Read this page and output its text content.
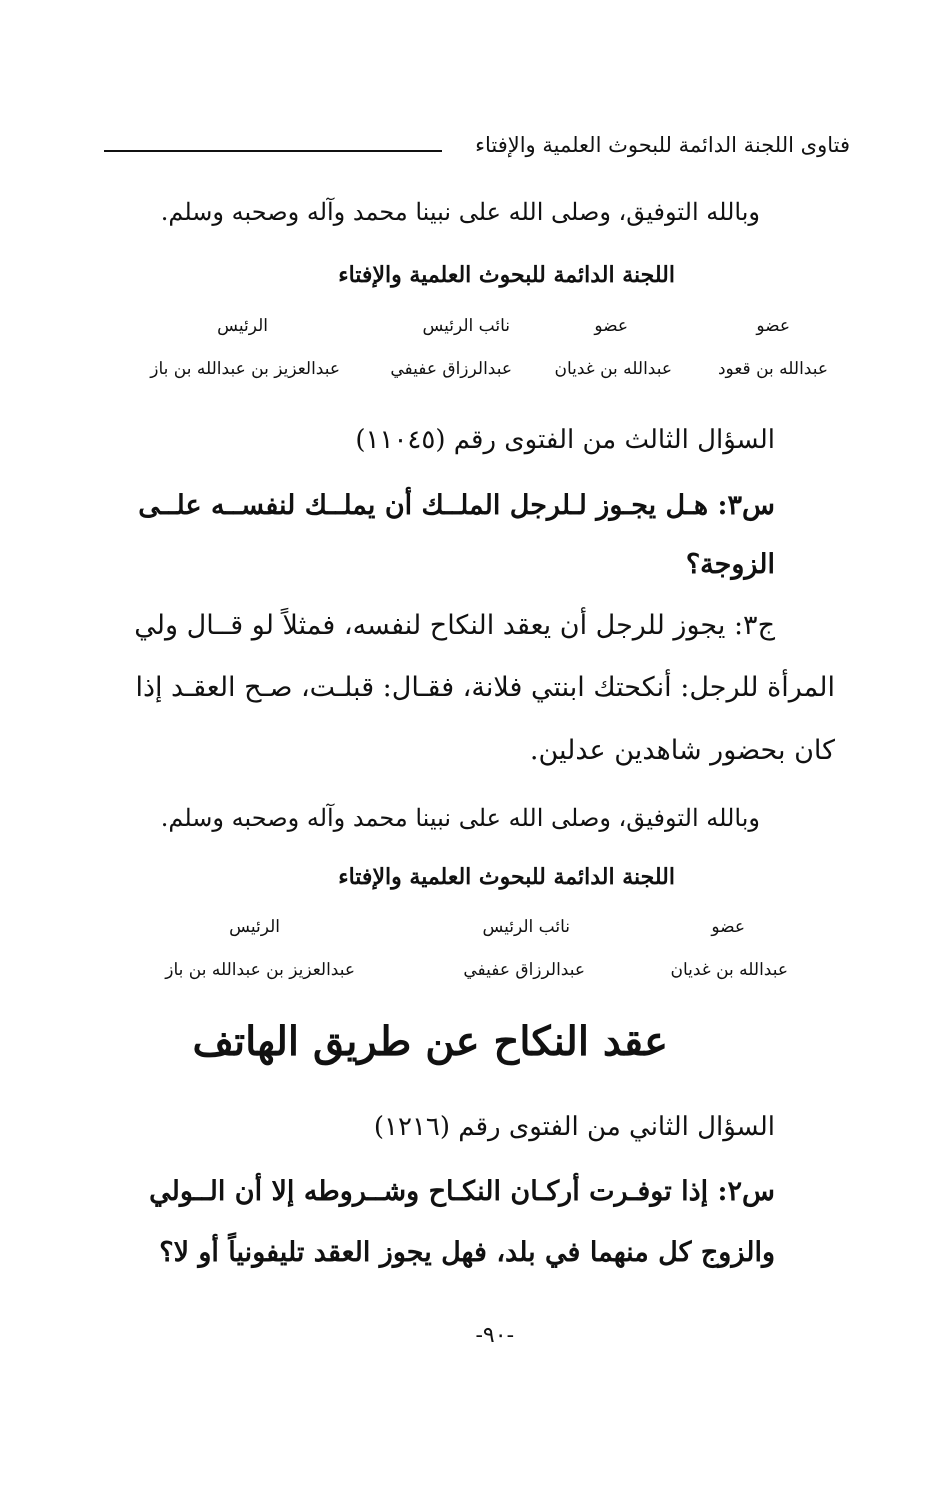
فتاوى اللجنة الدائمة للبحوث العلمية والإفتاء
وبالله التوفيق، وصلى الله على نبينا محمد وآله وصحبه وسلم.
اللجنة الدائمة للبحوث العلمية والإفتاء
عضو
عضو
نائب الرئيس
الرئيس
عبدالله بن قعود
عبدالله بن غديان
عبدالرزاق عفيفي
عبدالعزيز بن عبدالله بن باز
السؤال الثالث من الفتوى رقم (١١٠٤٥)
س٣: هـل يجـوز لـلرجل الملــك أن يملــك لنفســه علــى
الزوجة؟
ج٣: يجوز للرجل أن يعقد النكاح لنفسه، فمثلاً لو قــال ولي
المرأة للرجل: أنكحتك ابنتي فلانة، فقـال: قبلـت، صـح العقـد إذا
كان بحضور شاهدين عدلين.
وبالله التوفيق، وصلى الله على نبينا محمد وآله وصحبه وسلم.
اللجنة الدائمة للبحوث العلمية والإفتاء
عضو
نائب الرئيس
الرئيس
عبدالله بن غديان
عبدالرزاق عفيفي
عبدالعزيز بن عبدالله بن باز
عقد النكاح عن طريق الهاتف
السؤال الثاني من الفتوى رقم (١٢١٦)
س٢: إذا توفـرت أركـان النكـاح وشــروطه إلا أن الــولي
والزوج كل منهما في بلد، فهل يجوز العقد تليفونياً أو لا؟
-٩٠-
